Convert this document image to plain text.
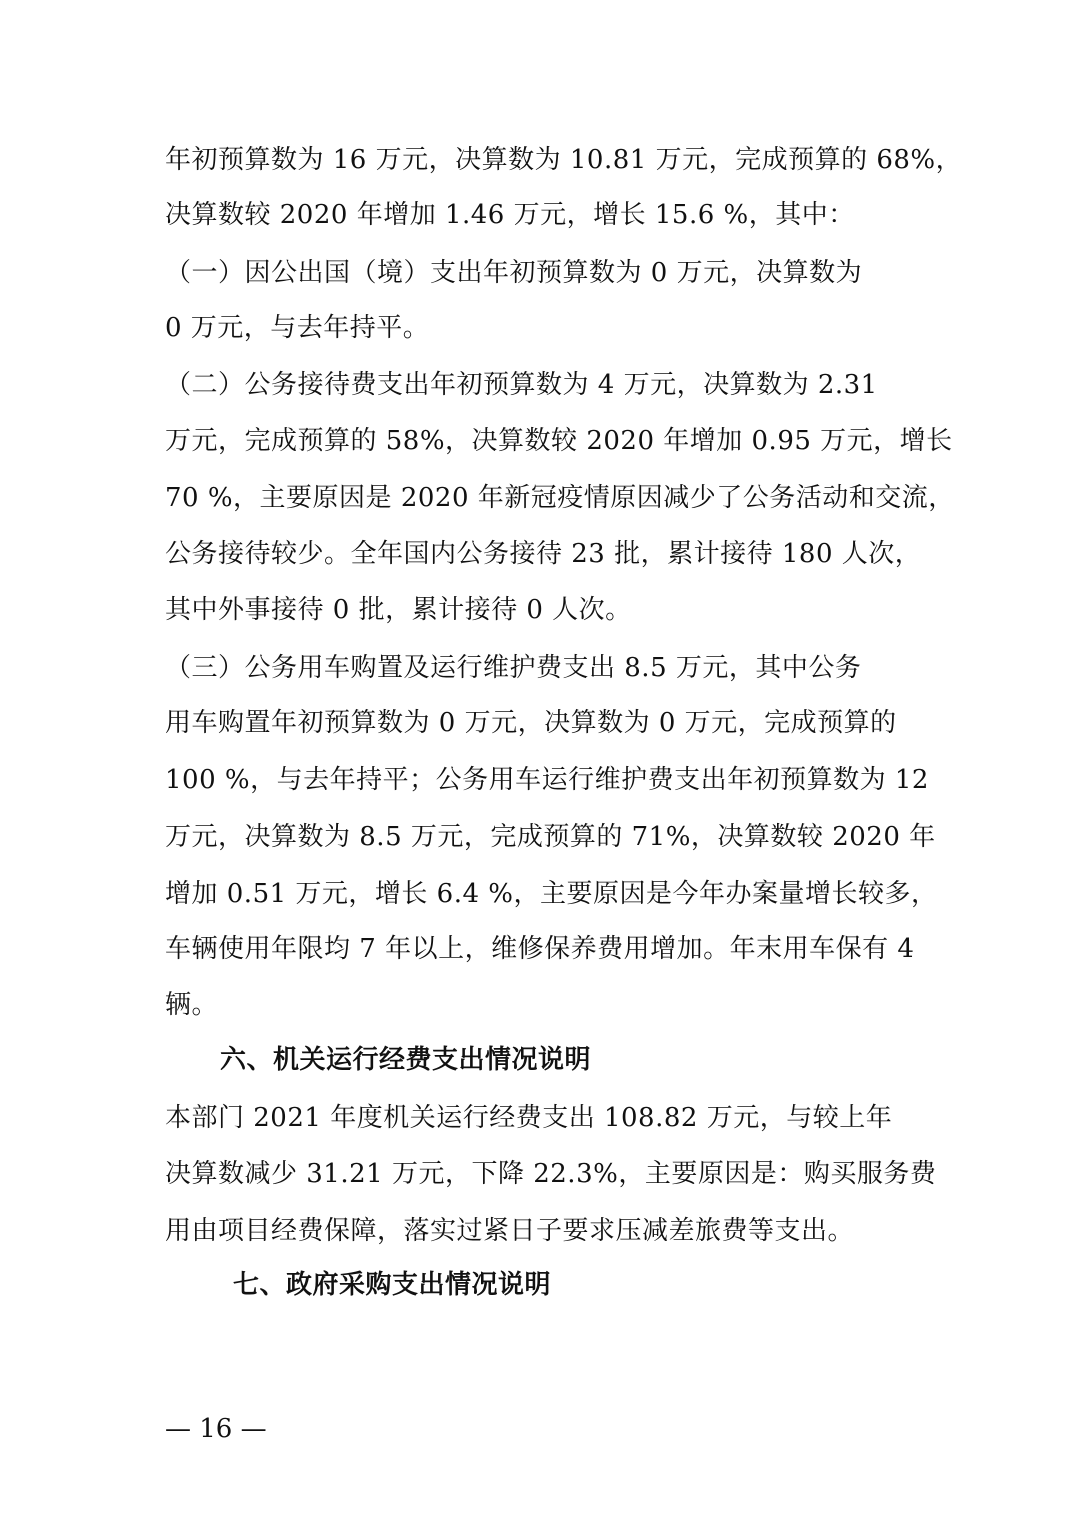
年初预算数为 16 万元，决算数为 10.81 万元，完成预算的 68%，
决算数较 2020 年增加 1.46 万元，增长 15.6 %，其中：
（一）因公出国（境）支出年初预算数为 0 万元，决算数为
0 万元，与去年持平。
（二）公务接待费支出年初预算数为 4 万元，决算数为 2.31
万元，完成预算的 58%，决算数较 2020 年增加 0.95 万元，增长
70 %，主要原因是 2020 年新冠疫情原因减少了公务活动和交流，
公务接待较少。全年国内公务接待 23 批，累计接待 180 人次，
其中外事接待 0 批，累计接待 0 人次。
（三）公务用车购置及运行维护费支出 8.5 万元，其中公务
用车购置年初预算数为 0 万元，决算数为 0 万元，完成预算的
100 %，与去年持平；公务用车运行维护费支出年初预算数为 12
万元，决算数为 8.5 万元，完成预算的 71%，决算数较 2020 年
增加 0.51 万元，增长 6.4 %，主要原因是今年办案量增长较多，
车辆使用年限均 7 年以上，维修保养费用增加。年末用车保有 4
辆。
六、机关运行经费支出情况说明
本部门 2021 年度机关运行经费支出 108.82 万元，与较上年
决算数减少 31.21 万元，下降 22.3%，主要原因是：购买服务费
用由项目经费保障，落实过紧日子要求压减差旅费等支出。
七、政府采购支出情况说明
— 16 —
